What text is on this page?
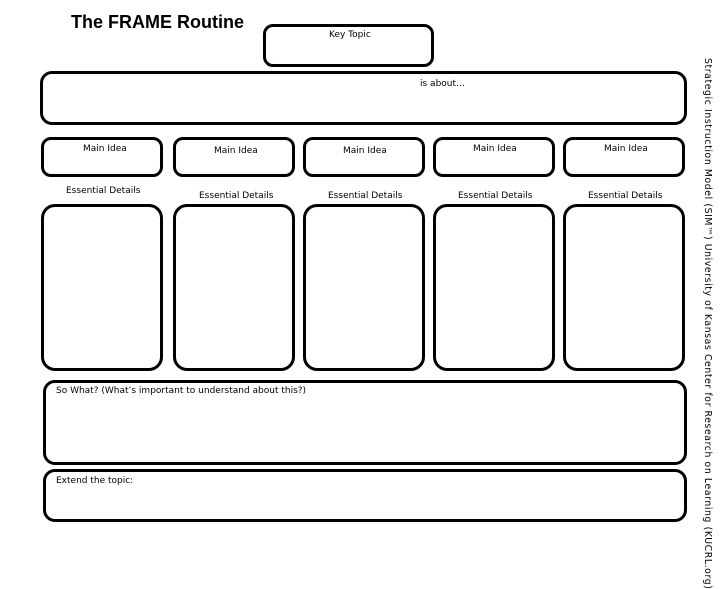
The FRAME Routine
Key Topic
is about…
Main Idea	Main Idea	Main Idea	Main Idea	Main Idea
Essential Details	Essential Details	Essential Details	Essential Details	Essential Details
So What? (What’s important to understand about this?)
Extend the topic:	Strategic Instruction Model (SIM™) University of Kansas Center for Research on Learning (KUCRL.org)
